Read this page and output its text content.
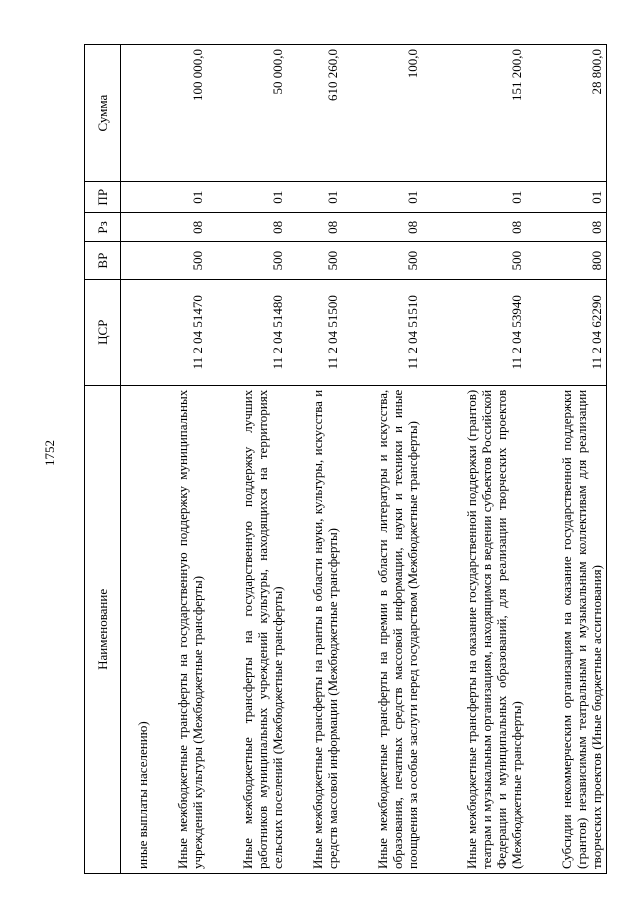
1752
Наименование	ЦСР	ВР	Рз	ПР	Сумма
иные выплаты населению)					
Иные межбюджетные трансферты на государственную поддержку муниципальных учреждений культуры (Межбюджетные трансферты)	11 2 04 51470	500	08	01	100 000,0
Иные межбюджетные трансферты на государственную поддержку лучших работников муниципальных учреждений культуры, находящихся на территориях сельских поселений (Межбюджетные трансферты)	11 2 04 51480	500	08	01	50 000,0
Иные межбюджетные трансферты на гранты в области науки, культуры, искусства и средств массовой информации (Межбюджетные трансферты)	11 2 04 51500	500	08	01	610 260,0
Иные межбюджетные трансферты на премии в области литературы и искусства, образования, печатных средств массовой информации, науки и техники и иные поощрения за особые заслуги перед государством (Межбюджетные трансферты)	11 2 04 51510	500	08	01	100,0
Иные межбюджетные трансферты на оказание государственной поддержки (грантов) театрам и музыкальным организациям, находящимся в ведении субъектов Российской Федерации и муниципальных образований, для реализации творческих проектов (Межбюджетные трансферты)	11 2 04 53940	500	08	01	151 200,0
Субсидии некоммерческим организациям на оказание государственной поддержки (грантов) независимым театральным и музыкальным коллективам для реализации творческих проектов (Иные бюджетные ассигнования)	11 2 04 62290	800	08	01	28 800,0
